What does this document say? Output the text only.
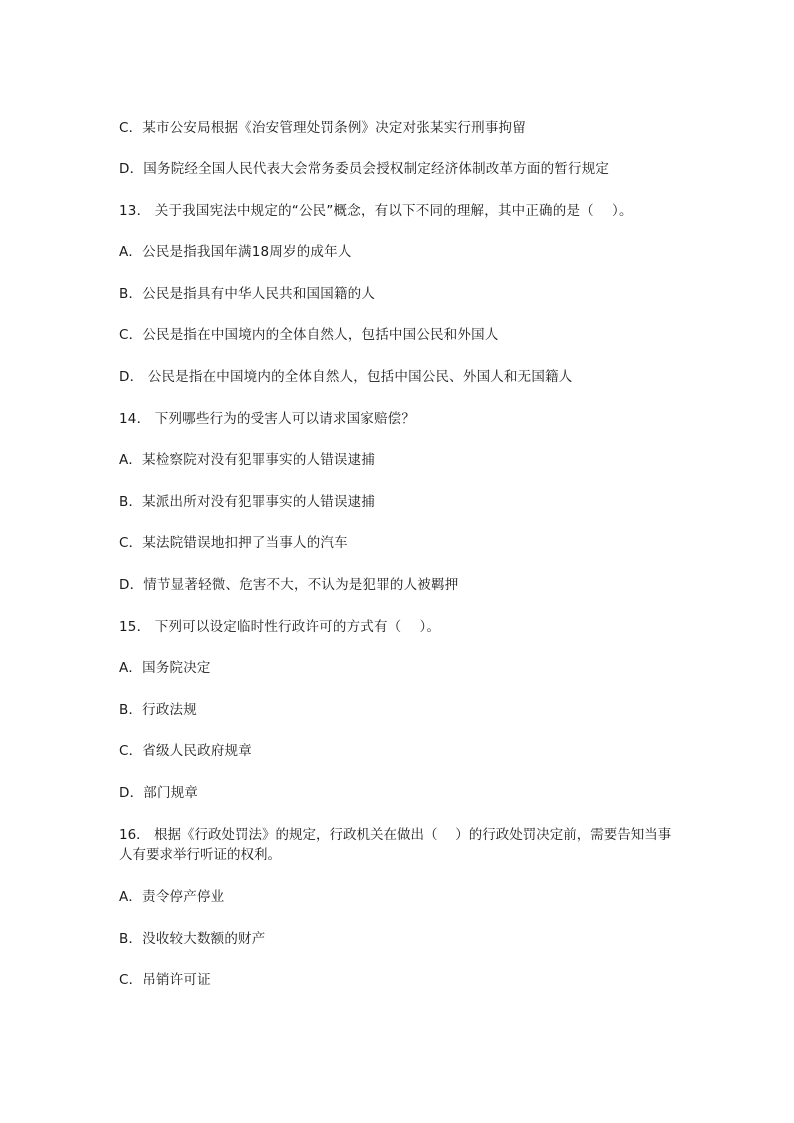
C．某市公安局根据《治安管理处罚条例》决定对张某实行刑事拘留
D．国务院经全国人民代表大会常务委员会授权制定经济体制改革方面的暂行规定
13． 关于我国宪法中规定的“公民”概念，有以下不同的理解，其中正确的是（　 ）。
A．公民是指我国年满18周岁的成年人
B．公民是指具有中华人民共和国国籍的人
C．公民是指在中国境内的全体自然人，包括中国公民和外国人
D． 公民是指在中国境内的全体自然人，包括中国公民、外国人和无国籍人
14． 下列哪些行为的受害人可以请求国家赔偿？
A．某检察院对没有犯罪事实的人错误逮捕
B．某派出所对没有犯罪事实的人错误逮捕
C．某法院错误地扣押了当事人的汽车
D．情节显著轻微、危害不大，不认为是犯罪的人被羁押
15． 下列可以设定临时性行政许可的方式有（　 ）。
A．国务院决定
B．行政法规
C．省级人民政府规章
D．部门规章
16． 根据《行政处罚法》的规定，行政机关在做出（　 ）的行政处罚决定前，需要告知当事人有要求举行听证的权利。
A．责令停产停业
B．没收较大数额的财产
C．吊销许可证
